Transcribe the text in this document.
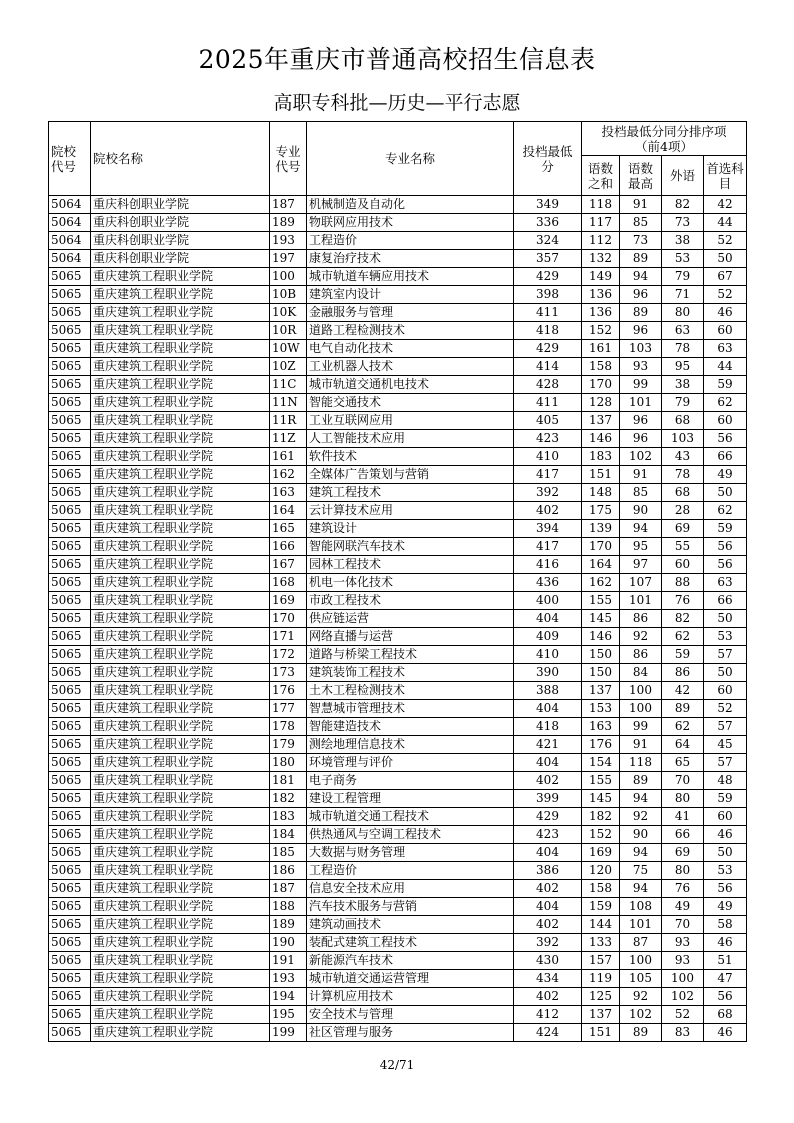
2025年重庆市普通高校招生信息表
高职专科批—历史—平行志愿
院校代号	院校名称	专业代号	专业名称	投档最低分	投档最低分同分排序项（前4项）			
					语数之和	语数最高	外语	首选科目
5064	重庆科创职业学院	187	机械制造及自动化	349	118	91	82	42
5064	重庆科创职业学院	189	物联网应用技术	336	117	85	73	44
5064	重庆科创职业学院	193	工程造价	324	112	73	38	52
5064	重庆科创职业学院	197	康复治疗技术	357	132	89	53	50
5065	重庆建筑工程职业学院	100	城市轨道车辆应用技术	429	149	94	79	67
5065	重庆建筑工程职业学院	10B	建筑室内设计	398	136	96	71	52
5065	重庆建筑工程职业学院	10K	金融服务与管理	411	136	89	80	46
5065	重庆建筑工程职业学院	10R	道路工程检测技术	418	152	96	63	60
5065	重庆建筑工程职业学院	10W	电气自动化技术	429	161	103	78	63
5065	重庆建筑工程职业学院	10Z	工业机器人技术	414	158	93	95	44
5065	重庆建筑工程职业学院	11C	城市轨道交通机电技术	428	170	99	38	59
5065	重庆建筑工程职业学院	11N	智能交通技术	411	128	101	79	62
5065	重庆建筑工程职业学院	11R	工业互联网应用	405	137	96	68	60
5065	重庆建筑工程职业学院	11Z	人工智能技术应用	423	146	96	103	56
5065	重庆建筑工程职业学院	161	软件技术	410	183	102	43	66
5065	重庆建筑工程职业学院	162	全媒体广告策划与营销	417	151	91	78	49
5065	重庆建筑工程职业学院	163	建筑工程技术	392	148	85	68	50
5065	重庆建筑工程职业学院	164	云计算技术应用	402	175	90	28	62
5065	重庆建筑工程职业学院	165	建筑设计	394	139	94	69	59
5065	重庆建筑工程职业学院	166	智能网联汽车技术	417	170	95	55	56
5065	重庆建筑工程职业学院	167	园林工程技术	416	164	97	60	56
5065	重庆建筑工程职业学院	168	机电一体化技术	436	162	107	88	63
5065	重庆建筑工程职业学院	169	市政工程技术	400	155	101	76	66
5065	重庆建筑工程职业学院	170	供应链运营	404	145	86	82	50
5065	重庆建筑工程职业学院	171	网络直播与运营	409	146	92	62	53
5065	重庆建筑工程职业学院	172	道路与桥梁工程技术	410	150	86	59	57
5065	重庆建筑工程职业学院	173	建筑装饰工程技术	390	150	84	86	50
5065	重庆建筑工程职业学院	176	土木工程检测技术	388	137	100	42	60
5065	重庆建筑工程职业学院	177	智慧城市管理技术	404	153	100	89	52
5065	重庆建筑工程职业学院	178	智能建造技术	418	163	99	62	57
5065	重庆建筑工程职业学院	179	测绘地理信息技术	421	176	91	64	45
5065	重庆建筑工程职业学院	180	环境管理与评价	404	154	118	65	57
5065	重庆建筑工程职业学院	181	电子商务	402	155	89	70	48
5065	重庆建筑工程职业学院	182	建设工程管理	399	145	94	80	59
5065	重庆建筑工程职业学院	183	城市轨道交通工程技术	429	182	92	41	60
5065	重庆建筑工程职业学院	184	供热通风与空调工程技术	423	152	90	66	46
5065	重庆建筑工程职业学院	185	大数据与财务管理	404	169	94	69	50
5065	重庆建筑工程职业学院	186	工程造价	386	120	75	80	53
5065	重庆建筑工程职业学院	187	信息安全技术应用	402	158	94	76	56
5065	重庆建筑工程职业学院	188	汽车技术服务与营销	404	159	108	49	49
5065	重庆建筑工程职业学院	189	建筑动画技术	402	144	101	70	58
5065	重庆建筑工程职业学院	190	装配式建筑工程技术	392	133	87	93	46
5065	重庆建筑工程职业学院	191	新能源汽车技术	430	157	100	93	51
5065	重庆建筑工程职业学院	193	城市轨道交通运营管理	434	119	105	100	47
5065	重庆建筑工程职业学院	194	计算机应用技术	402	125	92	102	56
5065	重庆建筑工程职业学院	195	安全技术与管理	412	137	102	52	68
5065	重庆建筑工程职业学院	199	社区管理与服务	424	151	89	83	46
42/71
